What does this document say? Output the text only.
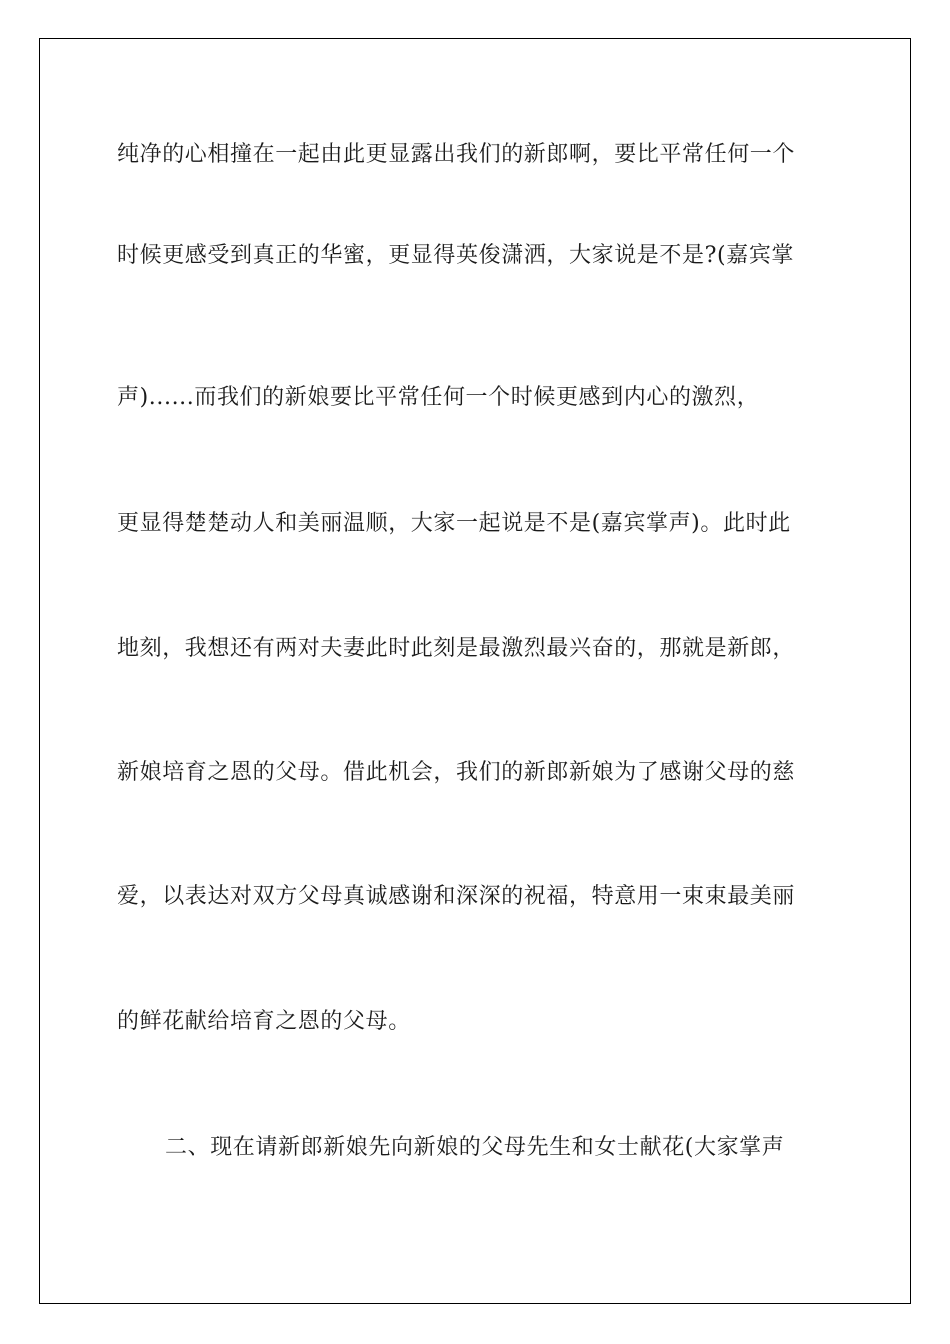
纯净的心相撞在一起由此更显露出我们的新郎啊，要比平常任何一个
时候更感受到真正的华蜜，更显得英俊潇洒，大家说是不是?(嘉宾掌
声)......而我们的新娘要比平常任何一个时候更感到内心的激烈，
更显得楚楚动人和美丽温顺，大家一起说是不是(嘉宾掌声)。此时此
地刻，我想还有两对夫妻此时此刻是最激烈最兴奋的，那就是新郎，
新娘培育之恩的父母。借此机会，我们的新郎新娘为了感谢父母的慈
爱，以表达对双方父母真诚感谢和深深的祝福，特意用一束束最美丽
的鲜花献给培育之恩的父母。
二、现在请新郎新娘先向新娘的父母先生和女士献花(大家掌声
